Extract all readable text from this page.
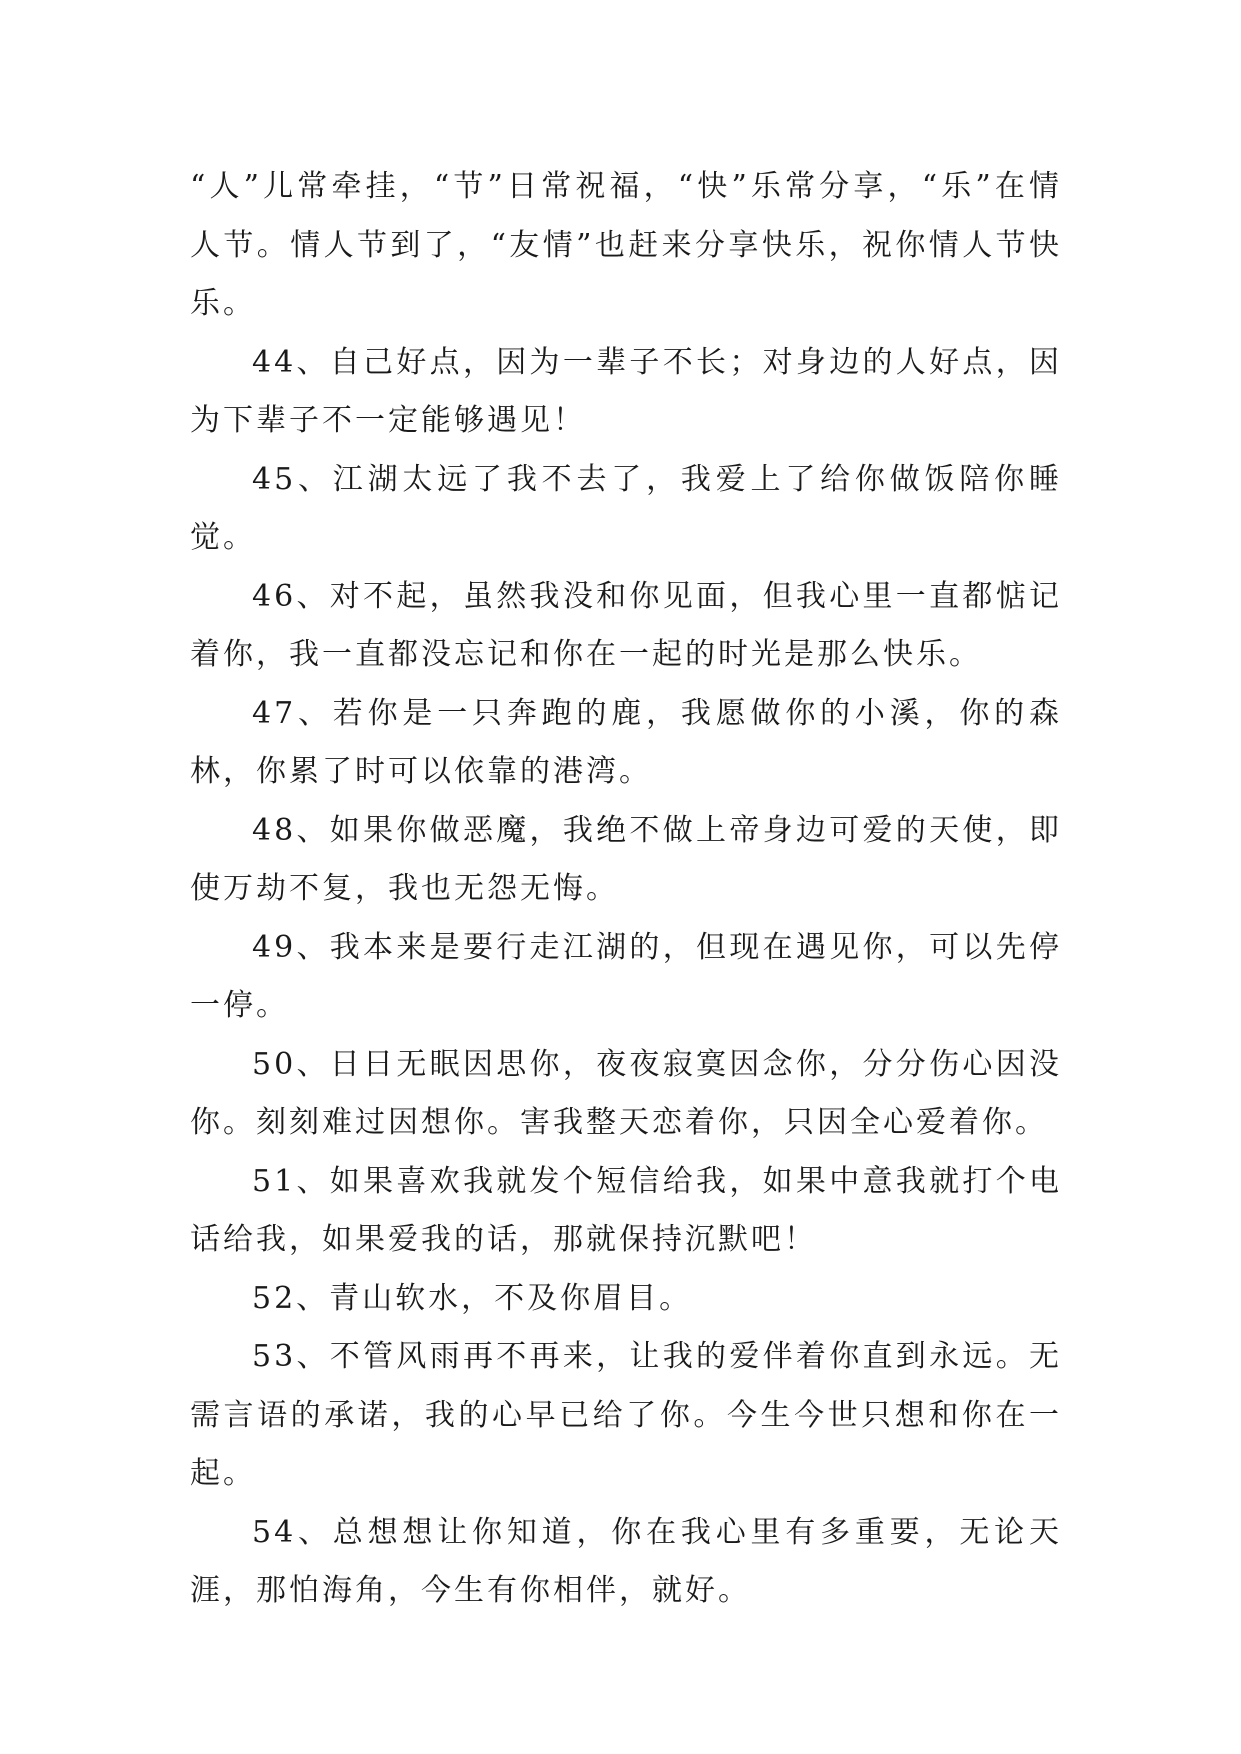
“人”儿常牵挂，“节”日常祝福，“快”乐常分享，“乐”在情人节。情人节到了，“友情”也赶来分享快乐，祝你情人节快乐。

44、自己好点，因为一辈子不长；对身边的人好点，因为下辈子不一定能够遇见！

45、江湖太远了我不去了，我爱上了给你做饭陪你睡觉。

46、对不起，虽然我没和你见面，但我心里一直都惦记着你，我一直都没忘记和你在一起的时光是那么快乐。

47、若你是一只奔跑的鹿，我愿做你的小溪，你的森林，你累了时可以依靠的港湾。

48、如果你做恶魔，我绝不做上帝身边可爱的天使，即使万劫不复，我也无怨无悔。

49、我本来是要行走江湖的，但现在遇见你，可以先停一停。

50、日日无眠因思你，夜夜寂寞因念你，分分伤心因没你。刻刻难过因想你。害我整天恋着你，只因全心爱着你。

51、如果喜欢我就发个短信给我，如果中意我就打个电话给我，如果爱我的话，那就保持沉默吧！

52、青山软水，不及你眉目。

53、不管风雨再不再来，让我的爱伴着你直到永远。无需言语的承诺，我的心早已给了你。今生今世只想和你在一起。

54、总想想让你知道，你在我心里有多重要，无论天涯，那怕海角，今生有你相伴，就好。
